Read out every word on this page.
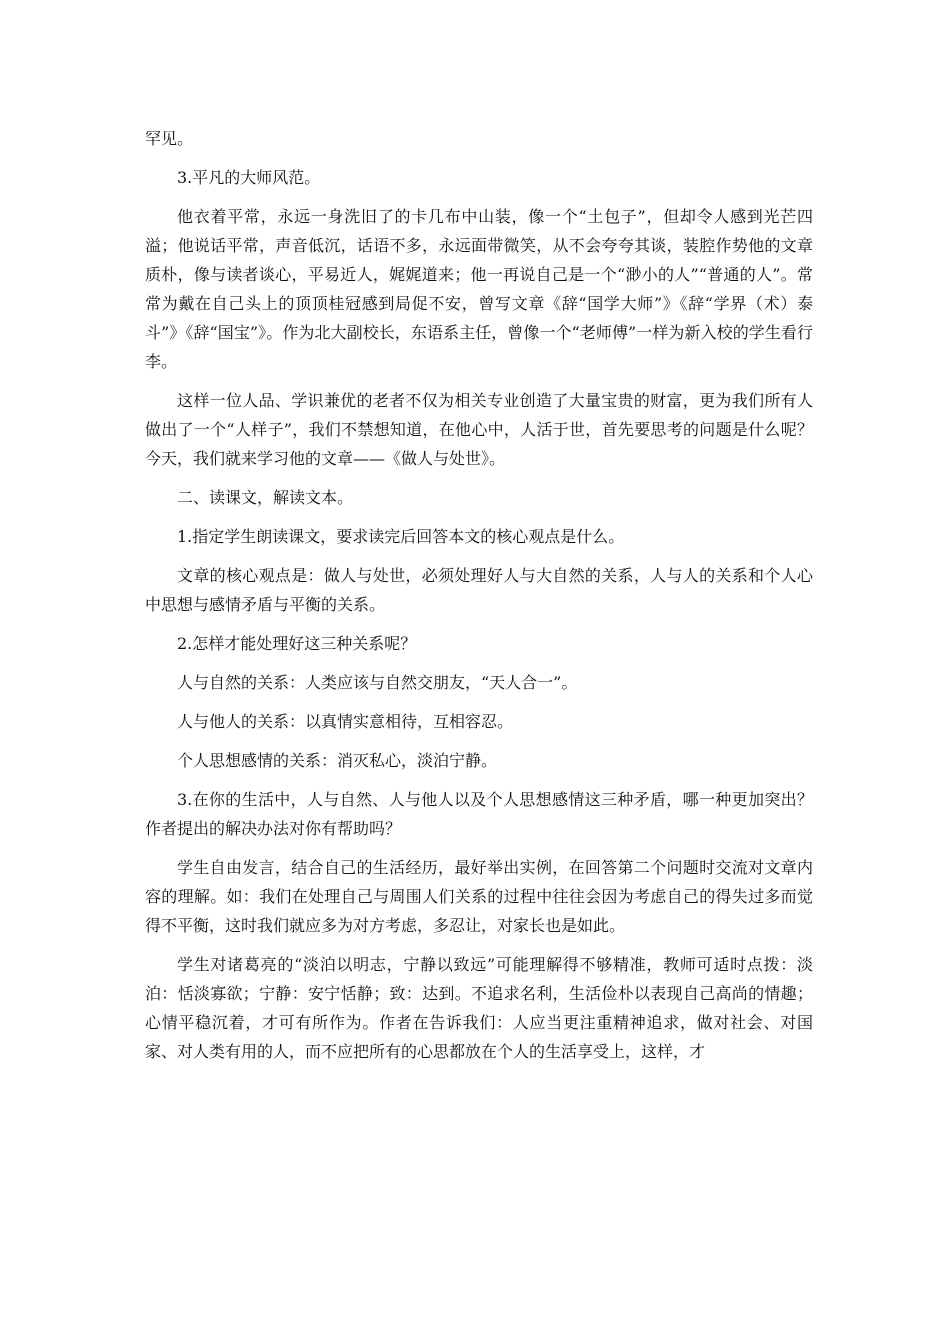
罕见。

3.平凡的大师风范。

他衣着平常，永远一身洗旧了的卡几布中山装，像一个“土包子”，但却令人感到光芒四溢；他说话平常，声音低沉，话语不多，永远面带微笑，从不会夸夸其谈，装腔作势他的文章质朴，像与读者谈心，平易近人，娓娓道来；他一再说自己是一个“渺小的人”“普通的人”。常常为戴在自己头上的顶顶桂冠感到局促不安，曾写文章《辞“国学大师”》《辞“学界（术）泰斗”》《辞“国宝”》。作为北大副校长，东语系主任，曾像一个“老师傅”一样为新入校的学生看行李。

这样一位人品、学识兼优的老者不仅为相关专业创造了大量宝贵的财富，更为我们所有人做出了一个“人样子”，我们不禁想知道，在他心中，人活于世，首先要思考的问题是什么呢？今天，我们就来学习他的文章——《做人与处世》。

二、读课文，解读文本。

1.指定学生朗读课文，要求读完后回答本文的核心观点是什么。

文章的核心观点是：做人与处世，必须处理好人与大自然的关系，人与人的关系和个人心中思想与感情矛盾与平衡的关系。

2.怎样才能处理好这三种关系呢？

人与自然的关系：人类应该与自然交朋友，“天人合一”。

人与他人的关系：以真情实意相待，互相容忍。

个人思想感情的关系：消灭私心，淡泊宁静。

3.在你的生活中，人与自然、人与他人以及个人思想感情这三种矛盾，哪一种更加突出？作者提出的解决办法对你有帮助吗？

学生自由发言，结合自己的生活经历，最好举出实例，在回答第二个问题时交流对文章内容的理解。如：我们在处理自己与周围人们关系的过程中往往会因为考虑自己的得失过多而觉得不平衡，这时我们就应多为对方考虑，多忍让，对家长也是如此。

学生对诸葛亮的“淡泊以明志，宁静以致远”可能理解得不够精准，教师可适时点拨：淡泊：恬淡寡欲；宁静：安宁恬静；致：达到。不追求名利，生活俭朴以表现自己高尚的情趣；心情平稳沉着，才可有所作为。作者在告诉我们：人应当更注重精神追求，做对社会、对国家、对人类有用的人，而不应把所有的心思都放在个人的生活享受上，这样，才
